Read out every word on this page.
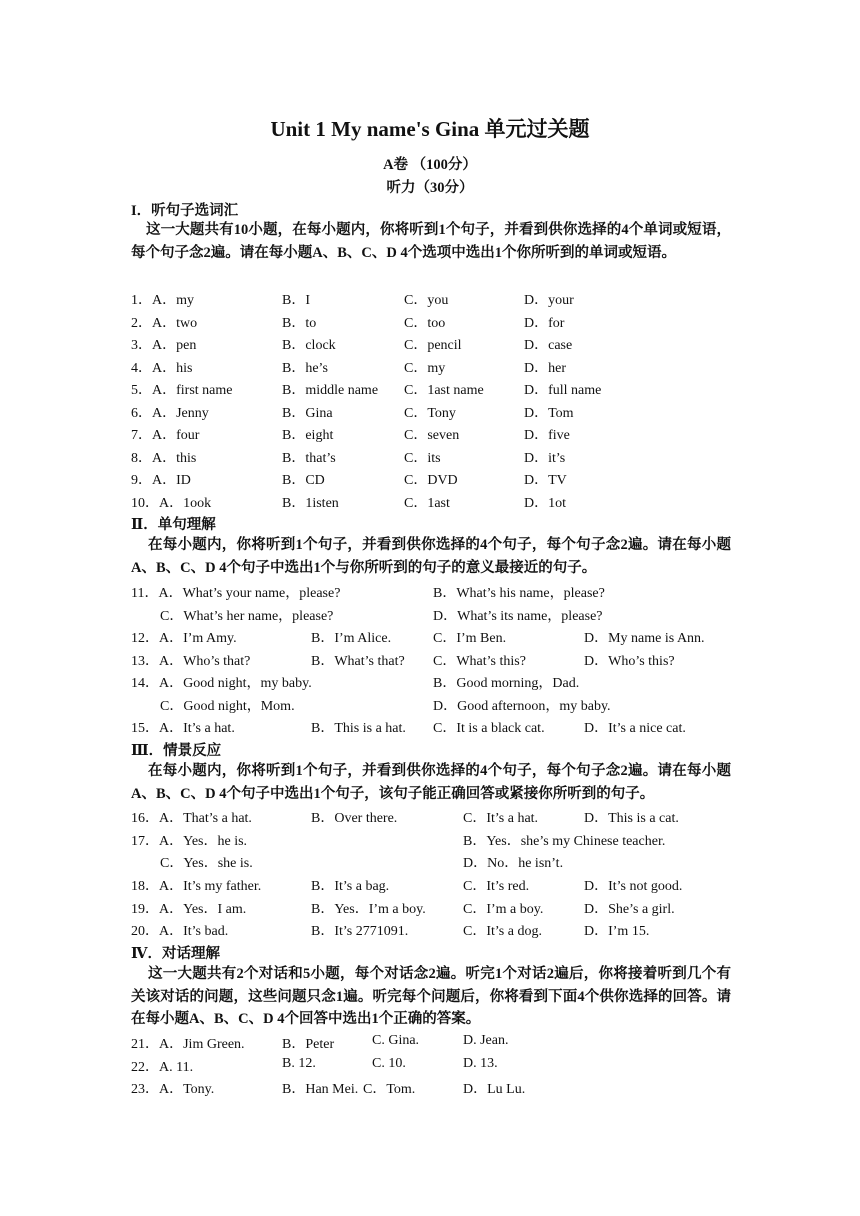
Unit 1 My name's Gina 单元过关题
A卷 （100分）
听力（30分）
I．听句子选词汇
这一大题共有10小题，在每小题内，你将听到1个句子，并看到供你选择的4个单词或短语，每个句子念2遍。请在每小题A、B、C、D 4个选项中选出1个你所听到的单词或短语。
1．A．my	B．I	C．you	D．your
2．A．two	B．to	C．too	D．for
3．A．pen	B．clock	C．pencil	D．case
4．A．his	B．he’s	C．my	D．her
5．A．first name	B．middle name C．1ast name	D．full name
6．A．Jenny	B．Gina	C．Tony	D．Tom
7．A．four	B．eight	C．seven	D．five
8．A．this	B．that’s	C．its	D．it’s
9．A．ID	B．CD	C．DVD	D．TV
10．A．1ook	B．1isten	C．1ast	D．1ot
Ⅱ．单句理解
在每小题内，你将听到1个句子，并看到供你选择的4个句子，每个句子念2遍。请在每小题A、B、C、D 4个句子中选出1个与你所听到的句子的意义最接近的句子。
11．A．What’s your name，please?	B．What’s his name，please?
C．What’s her name，please?	D．What’s its name，please?
12．A．I’m Amy.	B．I’m Alice.	C．I’m Ben.	D．My name is Ann.
13．A．Who’s that?	B．What’s that? C．What’s this?	D．Who’s this?
14．A．Good night，my baby.	B．Good morning，Dad.
C．Good night，Mom.	D．Good afternoon，my baby.
15．A．It’s a hat.	B．This is a hat. C．It is a black cat.	D．It’s a nice cat.
Ⅲ．情景反应
在每小题内，你将听到1个句子，并看到供你选择的4个句子，每个句子念2遍。请在每小题A、B、C、D 4个句子中选出1个句子，该句子能正确回答或紧接你所听到的句子。
16．A．That’s a hat.	B．Over there.	C．It’s a hat.	D．This is a cat.
17．A．Yes．he is.	B．Yes．she’s my Chinese teacher.
C．Yes．she is.	D．No．he isn’t.
18．A．It’s my father.	B．It’s a bag.	C．It’s red.	D．It’s not good.
19．A．Yes．I am.	B．Yes．I’m a boy.	C．I’m a boy.	D．She’s a girl.
20．A．It’s bad.	B．It’s 2771091.	C．It’s a dog.	D．I’m 15.
Ⅳ．对话理解
这一大题共有2个对话和5小题，每个对话念2遍。听完1个对话2遍后，你将接着听到几个有关该对话的问题，这些问题只念1遍。听完每个问题后，你将看到下面4个供你选择的回答。请在每小题A、B、C、D 4个回答中选出1个正确的答案。
21．A．Jim Green.	B．Peter	C. Gina.	D. Jean.
22．A. 11.	B. 12.	C. 10.	D. 13.
23．A．Tony.	B．Han Mei. C．Tom.	D．Lu Lu.
